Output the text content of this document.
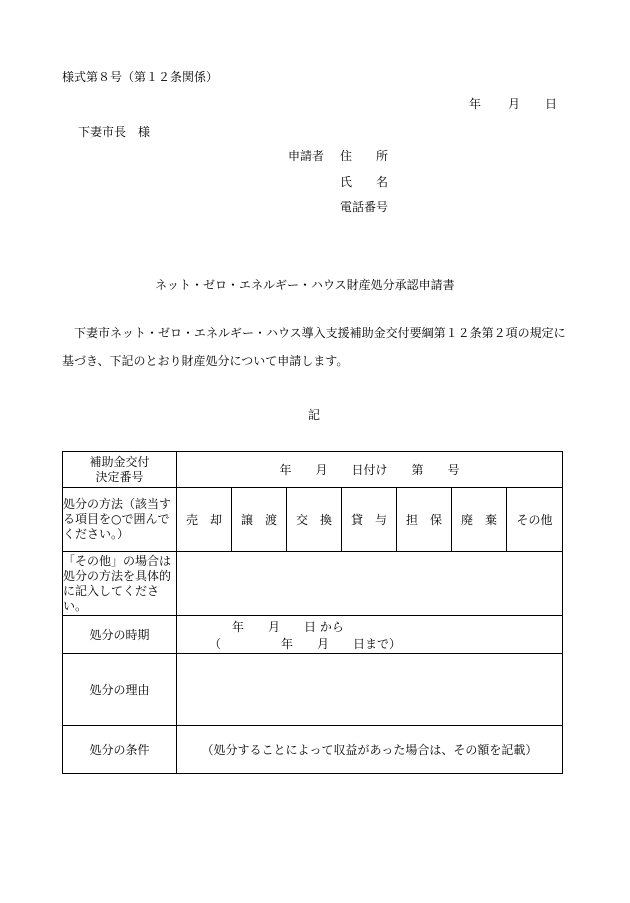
様式第８号（第１２条関係）
年 月 日
下妻市長　様
申請者 住　　所
氏　　名
電話番号
ネット・ゼロ・エネルギー・ハウス財産処分承認申請書
下妻市ネット・ゼロ・エネルギー・ハウス導入支援補助金交付要綱第１２条第２項の規定に基づき、下記のとおり財産処分について申請します。
記
補助金交付
決定番号	年　　月　　日付け　　第　　号						
処分の方法（該当する項目を○で囲んでください。）	売　却	譲　渡	交　換	貸　与	担　保	廃　棄	その他
「その他」の場合は処分の方法を具体的に記入してください。							
処分の時期	年　　月　　日 から （　　　　　年　　月　　日まで）						
処分の理由							
処分の条件	（処分することによって収益があった場合は、その額を記載）						
